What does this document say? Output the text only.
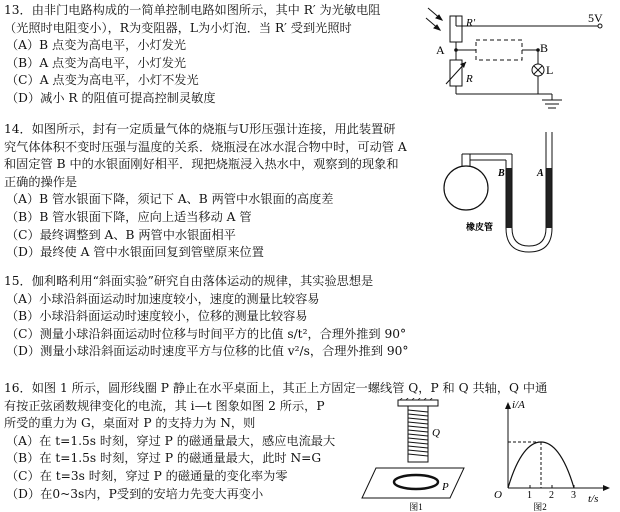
13．由非门电路构成的一简单控制电路如图所示，其中 R′ 为光敏电阻
（光照时电阻变小），R为变阻器，L为小灯泡．当 R′ 受到光照时
（A）B 点变为高电平，小灯发光
（B）A 点变为高电平，小灯发光
（C）A 点变为高电平，小灯不发光
（D）减小 R 的阻值可提高控制灵敏度
5V
R′
A	B
L
R
14．如图所示，封有一定质量气体的烧瓶与U形压强计连接，用此装置研
究气体体积不变时压强与温度的关系．烧瓶浸在冰水混合物中时，可动管 A
和固定管 B 中的水银面刚好相平．现把烧瓶浸入热水中，观察到的现象和
正确的操作是
（A）B 管水银面下降，须记下 A、B 两管中水银面的高度差
（B）B 管水银面下降，应向上适当移动 A 管
（C）最终调整到 A、B 两管中水银面相平
（D）最终使 A 管中水银面回复到管壁原来位置
B	A
橡皮管
15．伽利略利用“斜面实验”研究自由落体运动的规律，其实验思想是
（A）小球沿斜面运动时加速度较小，速度的测量比较容易
（B）小球沿斜面运动时速度较小，位移的测量比较容易
（C）测量小球沿斜面运动时位移与时间平方的比值 s/t²，合理外推到 90°
（D）测量小球沿斜面运动时速度平方与位移的比值 v²/s，合理外推到 90°
16．如图 1 所示，圆形线圈 P 静止在水平桌面上，其正上方固定一螺线管 Q，P 和 Q 共轴，Q 中通
有按正弦函数规律变化的电流，其 i—t 图象如图 2 所示，P
所受的重力为 G，桌面对 P 的支持力为 N，则
（A）在 t=1.5s 时刻，穿过 P 的磁通量最大，感应电流最大
（B）在 t=1.5s 时刻，穿过 P 的磁通量最大，此时 N=G
（C）在 t=3s 时刻，穿过 P 的磁通量的变化率为零
（D）在0~3s内，P受到的安培力先变大再变小
Q
P
图1
i/A
t/s
O	1 2 3
图2
